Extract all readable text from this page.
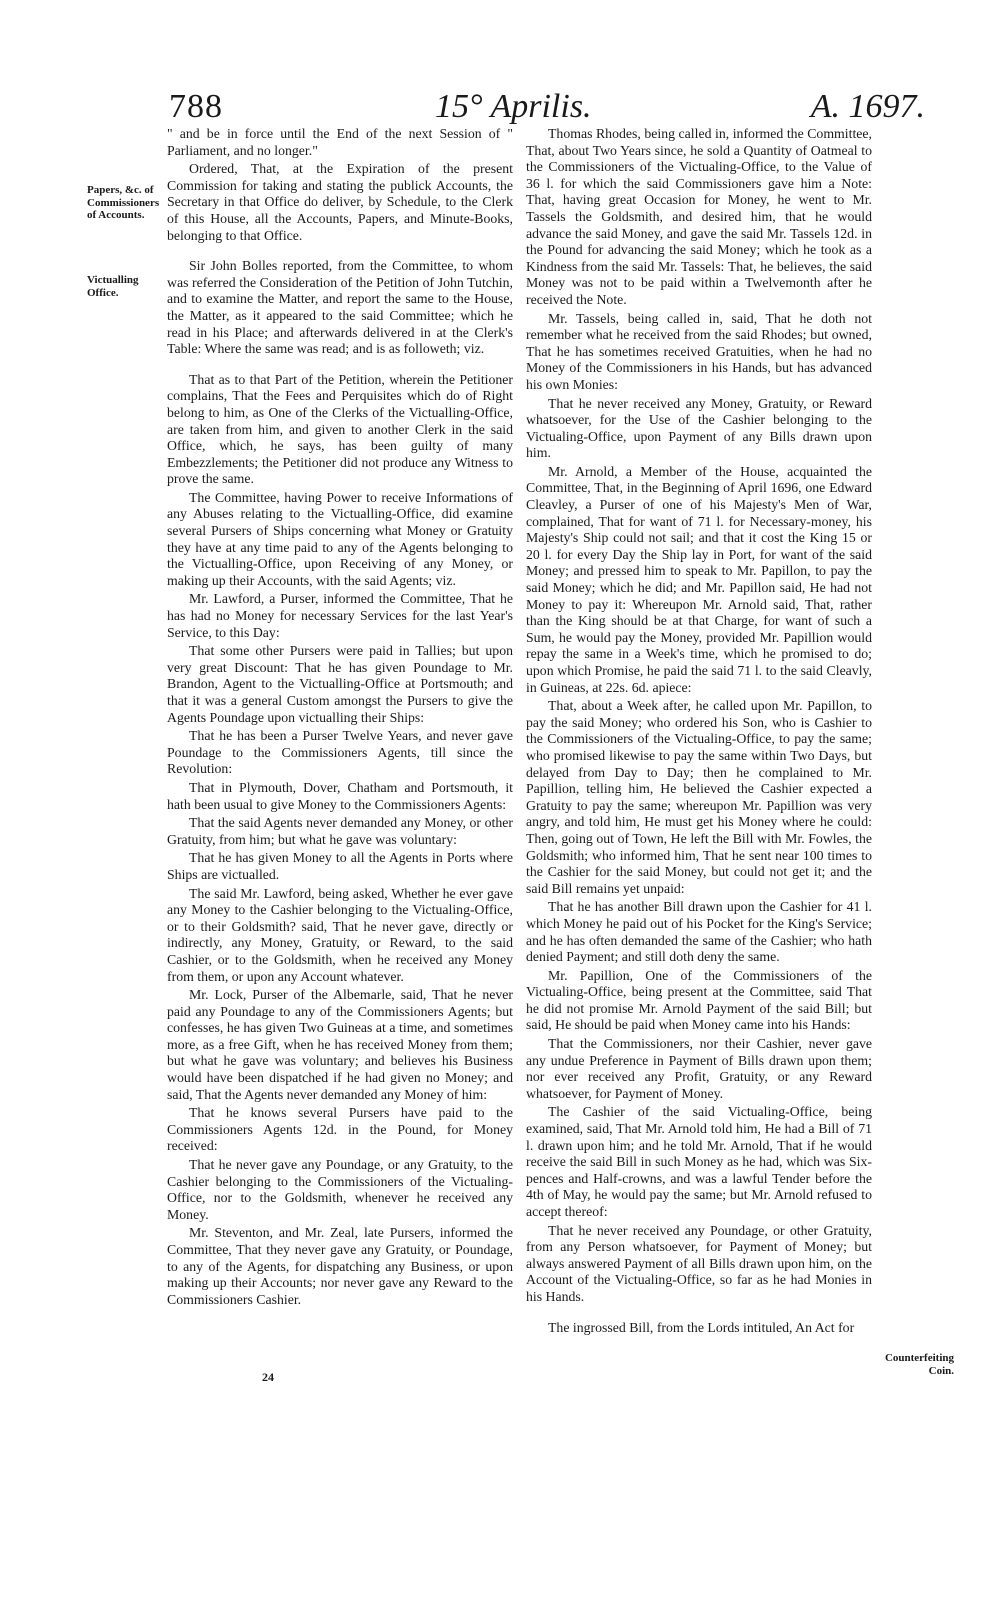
788	15° Aprilis.	A. 1697.
Papers, &c. of Commissioners of Accounts.
Victualling Office.
Counterfeiting Coin.

" and be in force until the End of the next Session of " Parliament, and no longer."

Ordered, That, at the Expiration of the present Commission for taking and stating the publick Accounts, the Secretary in that Office do deliver, by Schedule, to the Clerk of this House, all the Accounts, Papers, and Minute-Books, belonging to that Office.

Sir John Bolles reported, from the Committee, to whom was referred the Consideration of the Petition of John Tutchin, and to examine the Matter, and report the same to the House, the Matter, as it appeared to the said Committee; which he read in his Place; and afterwards delivered in at the Clerk's Table: Where the same was read; and is as followeth; viz.

That as to that Part of the Petition, wherein the Petitioner complains, That the Fees and Perquisites which do of Right belong to him, as One of the Clerks of the Victualling-Office, are taken from him, and given to another Clerk in the said Office, which, he says, has been guilty of many Embezzlements; the Petitioner did not produce any Witness to prove the same.

The Committee, having Power to receive Informations of any Abuses relating to the Victualling-Office, did examine several Pursers of Ships concerning what Money or Gratuity they have at any time paid to any of the Agents belonging to the Victualling-Office, upon Receiving of any Money, or making up their Accounts, with the said Agents; viz.

Mr. Lawford, a Purser, informed the Committee, That he has had no Money for necessary Services for the last Year's Service, to this Day:

That some other Pursers were paid in Tallies; but upon very great Discount: That he has given Poundage to Mr. Brandon, Agent to the Victualling-Office at Portsmouth; and that it was a general Custom amongst the Pursers to give the Agents Poundage upon victualling their Ships:

That he has been a Purser Twelve Years, and never gave Poundage to the Commissioners Agents, till since the Revolution:

That in Plymouth, Dover, Chatham and Portsmouth, it hath been usual to give Money to the Commissioners Agents:

That the said Agents never demanded any Money, or other Gratuity, from him; but what he gave was voluntary:

That he has given Money to all the Agents in Ports where Ships are victualled.

The said Mr. Lawford, being asked, Whether he ever gave any Money to the Cashier belonging to the Victualing-Office, or to their Goldsmith? said, That he never gave, directly or indirectly, any Money, Gratuity, or Reward, to the said Cashier, or to the Goldsmith, when he received any Money from them, or upon any Account whatever.

Mr. Lock, Purser of the Albemarle, said, That he never paid any Poundage to any of the Commissioners Agents; but confesses, he has given Two Guineas at a time, and sometimes more, as a free Gift, when he has received Money from them; but what he gave was voluntary; and believes his Business would have been dispatched if he had given no Money; and said, That the Agents never demanded any Money of him:

That he knows several Pursers have paid to the Commissioners Agents 12d. in the Pound, for Money received:

That he never gave any Poundage, or any Gratuity, to the Cashier belonging to the Commissioners of the Victualing-Office, nor to the Goldsmith, whenever he received any Money.

Mr. Steventon, and Mr. Zeal, late Pursers, informed the Committee, That they never gave any Gratuity, or Poundage, to any of the Agents, for dispatching any Business, or upon making up their Accounts; nor never gave any Reward to the Commissioners Cashier.

24

Thomas Rhodes, being called in, informed the Committee, That, about Two Years since, he sold a Quantity of Oatmeal to the Commissioners of the Victualing-Office, to the Value of 36 l. for which the said Commissioners gave him a Note: That, having great Occasion for Money, he went to Mr. Tassels the Goldsmith, and desired him, that he would advance the said Money, and gave the said Mr. Tassels 12d. in the Pound for advancing the said Money; which he took as a Kindness from the said Mr. Tassels: That, he believes, the said Money was not to be paid within a Twelvemonth after he received the Note.

Mr. Tassels, being called in, said, That he doth not remember what he received from the said Rhodes; but owned, That he has sometimes received Gratuities, when he had no Money of the Commissioners in his Hands, but has advanced his own Monies:

That he never received any Money, Gratuity, or Reward whatsoever, for the Use of the Cashier belonging to the Victualing-Office, upon Payment of any Bills drawn upon him.

Mr. Arnold, a Member of the House, acquainted the Committee, That, in the Beginning of April 1696, one Edward Cleavley, a Purser of one of his Majesty's Men of War, complained, That for want of 71 l. for Necessary-money, his Majesty's Ship could not sail; and that it cost the King 15 or 20 l. for every Day the Ship lay in Port, for want of the said Money; and pressed him to speak to Mr. Papillon, to pay the said Money; which he did; and Mr. Papillon said, He had not Money to pay it: Whereupon Mr. Arnold said, That, rather than the King should be at that Charge, for want of such a Sum, he would pay the Money, provided Mr. Papillion would repay the same in a Week's time, which he promised to do; upon which Promise, he paid the said 71 l. to the said Cleavly, in Guineas, at 22s. 6d. apiece:

That, about a Week after, he called upon Mr. Papillon, to pay the said Money; who ordered his Son, who is Cashier to the Commissioners of the Victualing-Office, to pay the same; who promised likewise to pay the same within Two Days, but delayed from Day to Day; then he complained to Mr. Papillion, telling him, He believed the Cashier expected a Gratuity to pay the same; whereupon Mr. Papillion was very angry, and told him, He must get his Money where he could: Then, going out of Town, He left the Bill with Mr. Fowles, the Goldsmith; who informed him, That he sent near 100 times to the Cashier for the said Money, but could not get it; and the said Bill remains yet unpaid:

That he has another Bill drawn upon the Cashier for 41 l. which Money he paid out of his Pocket for the King's Service; and he has often demanded the same of the Cashier; who hath denied Payment; and still doth deny the same.

Mr. Papillion, One of the Commissioners of the Victualing-Office, being present at the Committee, said That he did not promise Mr. Arnold Payment of the said Bill; but said, He should be paid when Money came into his Hands:

That the Commissioners, nor their Cashier, never gave any undue Preference in Payment of Bills drawn upon them; nor ever received any Profit, Gratuity, or any Reward whatsoever, for Payment of Money.

The Cashier of the said Victualing-Office, being examined, said, That Mr. Arnold told him, He had a Bill of 71 l. drawn upon him; and he told Mr. Arnold, That if he would receive the said Bill in such Money as he had, which was Six-pences and Half-crowns, and was a lawful Tender before the 4th of May, he would pay the same; but Mr. Arnold refused to accept thereof:

That he never received any Poundage, or other Gratuity, from any Person whatsoever, for Payment of Money; but always answered Payment of all Bills drawn upon him, on the Account of the Victualing-Office, so far as he had Monies in his Hands.

The ingrossed Bill, from the Lords intituled, An Act for
